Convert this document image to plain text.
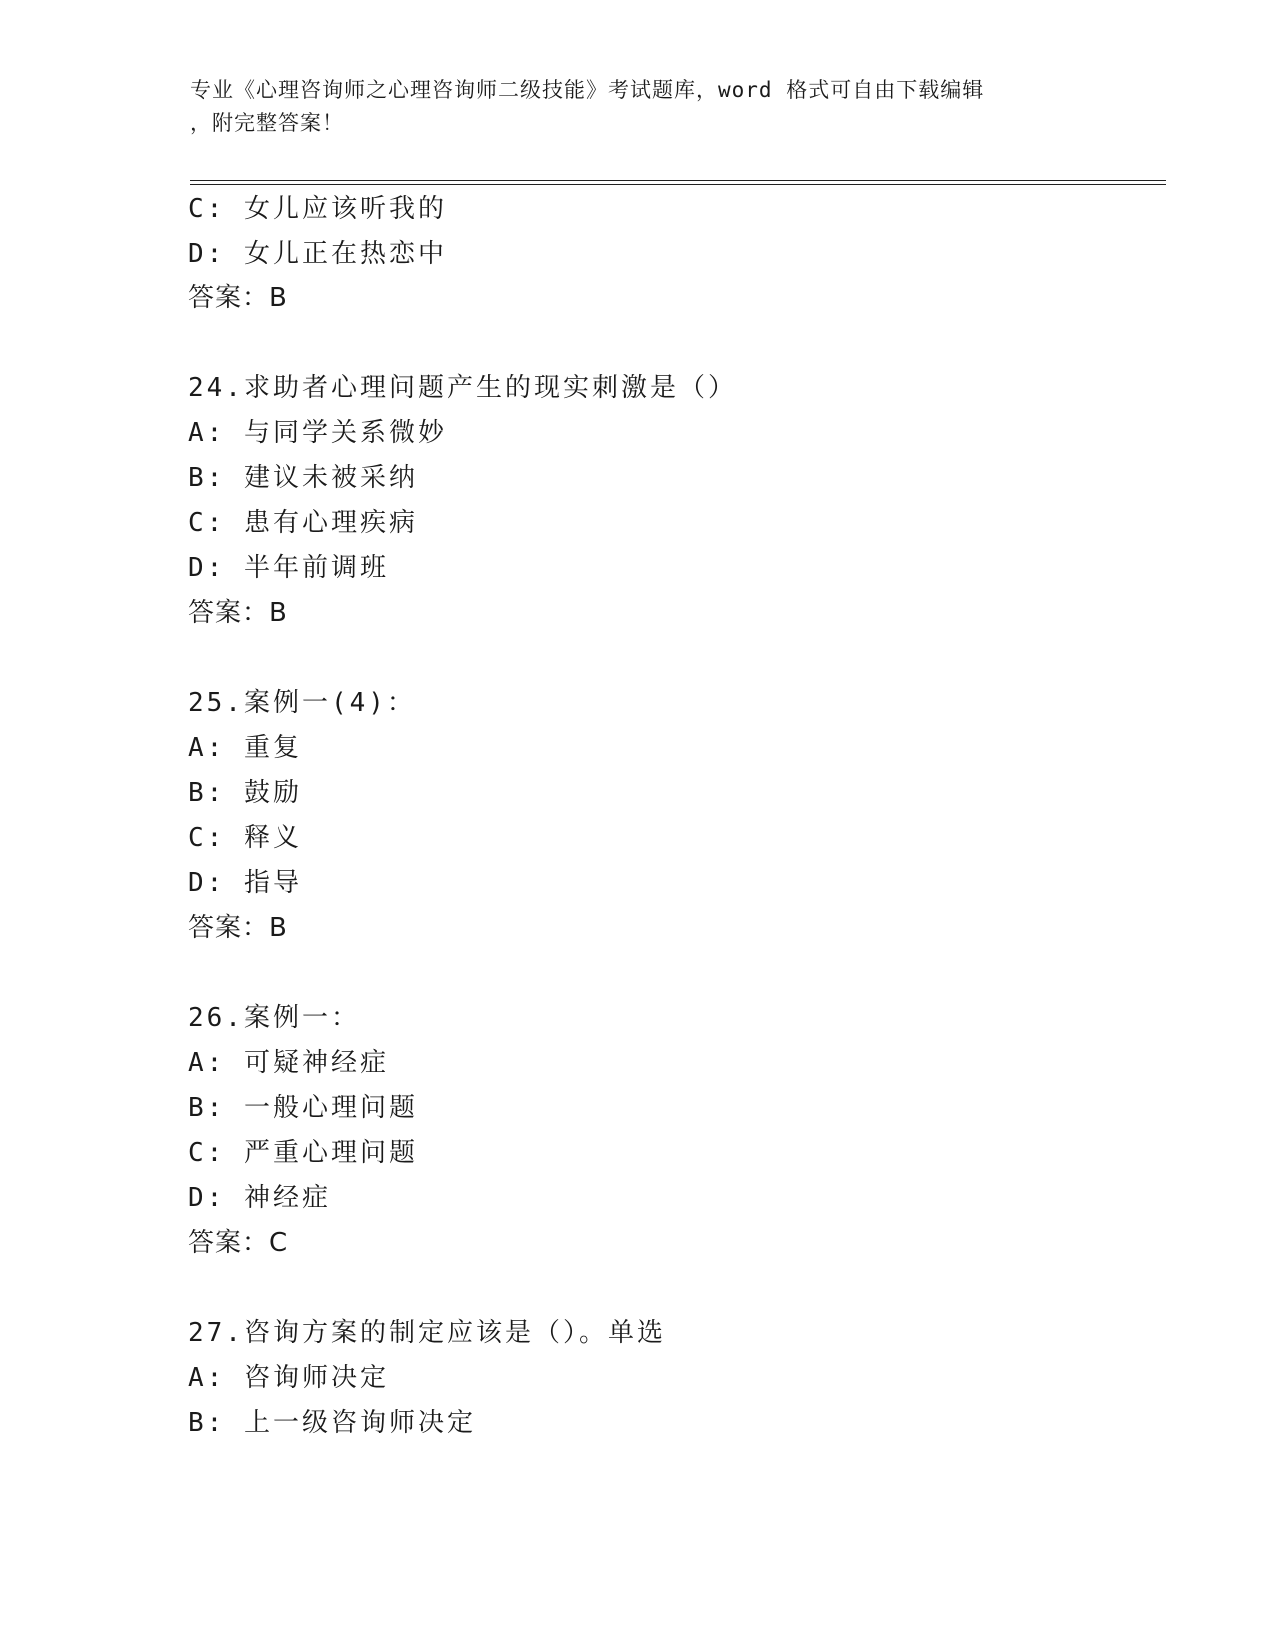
专业《心理咨询师之心理咨询师二级技能》考试题库，word 格式可自由下载编辑
，附完整答案！
C: 女儿应该听我的
D: 女儿正在热恋中
答案：B
24.求助者心理问题产生的现实刺激是（）
A: 与同学关系微妙
B: 建议未被采纳
C: 患有心理疾病
D: 半年前调班
答案：B
25.案例一(4)：
A: 重复
B: 鼓励
C: 释义
D: 指导
答案：B
26.案例一：
A: 可疑神经症
B: 一般心理问题
C: 严重心理问题
D: 神经症
答案：C
27.咨询方案的制定应该是（）。单选
A: 咨询师决定
B: 上一级咨询师决定
